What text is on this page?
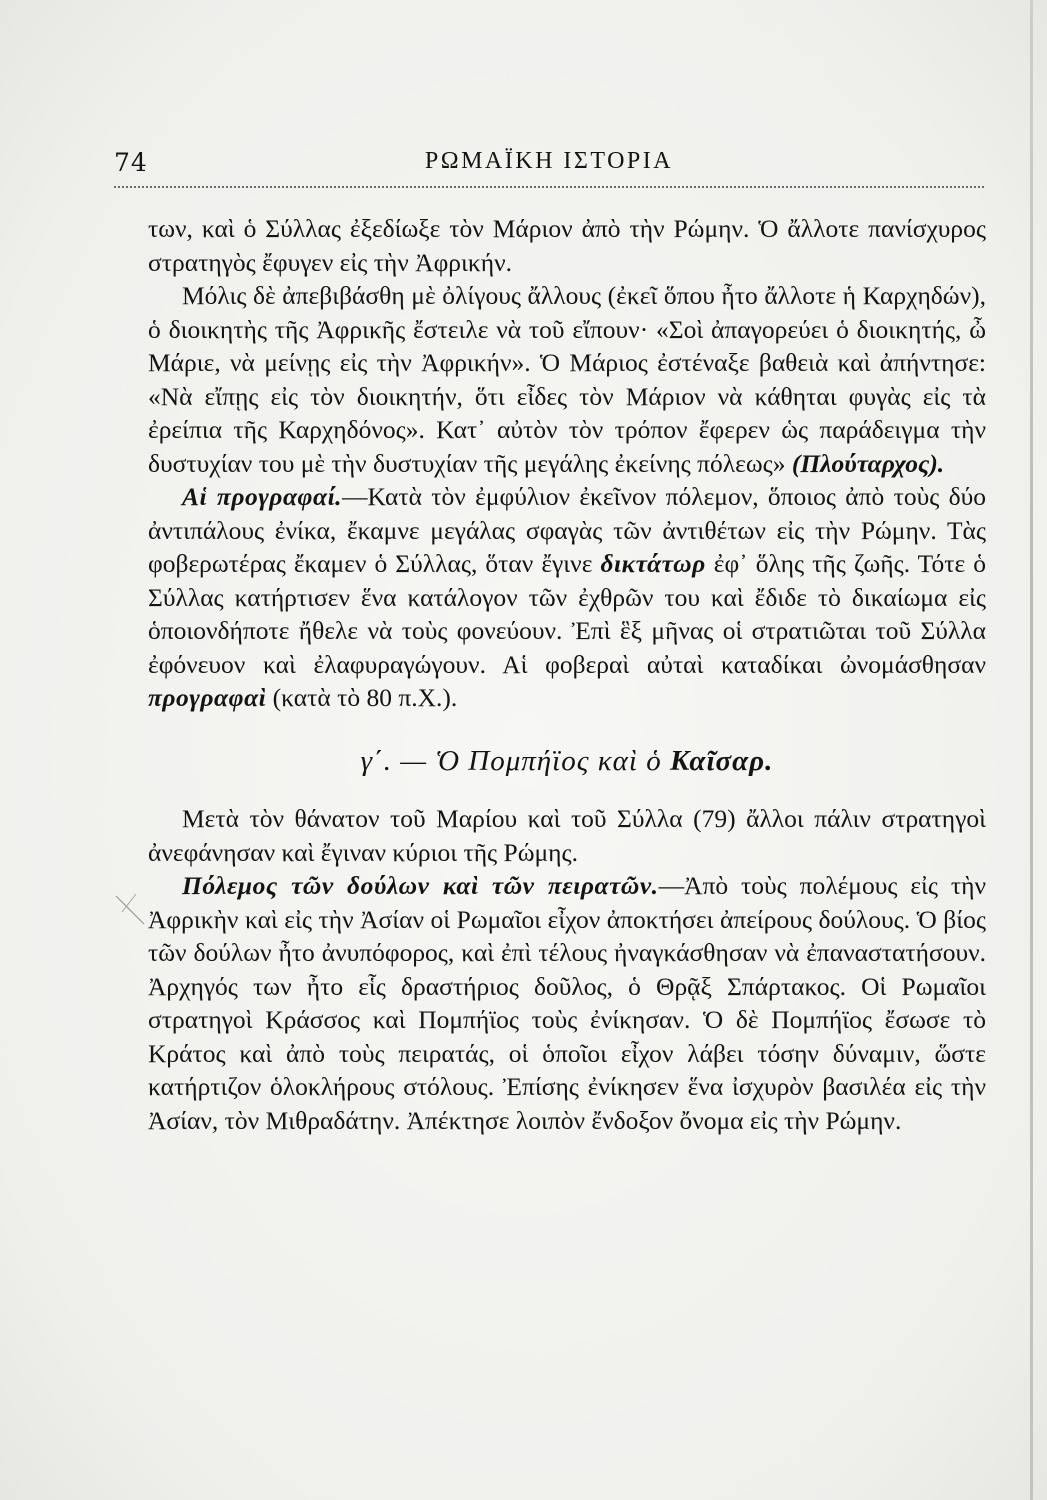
74	ΡΩΜΑΪΚΗ ΙΣΤΟΡΙΑ

των, καὶ ὁ Σύλλας ἐξεδίωξε τὸν Μάριον ἀπὸ τὴν Ρώμην. Ὁ ἄλλοτε πανίσχυρος στρατηγὸς ἔφυγεν εἰς τὴν Ἀφρικήν.

Μόλις δὲ ἀπεβιβάσθη μὲ ὀλίγους ἄλλους (ἐκεῖ ὅπου ἦτο ἄλλοτε ἡ Καρχηδών), ὁ διοικητὴς τῆς Ἀφρικῆς ἔστειλε νὰ τοῦ εἴπουν· «Σοὶ ἀπαγορεύει ὁ διοικητής, ὦ Μάριε, νὰ μείνῃς εἰς τὴν Ἀφρικήν». Ὁ Μάριος ἐστέναξε βαθειὰ καὶ ἀπήντησε: «Νὰ εἴπῃς εἰς τὸν διοικητήν, ὅτι εἶδες τὸν Μάριον νὰ κάθηται φυγὰς εἰς τὰ ἐρείπια τῆς Καρχηδόνος». Κατ᾽ αὐτὸν τὸν τρόπον ἔφερεν ὡς παράδειγμα τὴν δυστυχίαν του μὲ τὴν δυστυχίαν τῆς μεγάλης ἐκείνης πόλεως» (Πλούταρχος).

Αἱ προγραφαί.—Κατὰ τὸν ἐμφύλιον ἐκεῖνον πόλεμον, ὅποιος ἀπὸ τοὺς δύο ἀντιπάλους ἐνίκα, ἔκαμνε μεγάλας σφαγὰς τῶν ἀντιθέτων εἰς τὴν Ρώμην. Τὰς φοβερωτέρας ἔκαμεν ὁ Σύλλας, ὅταν ἔγινε δικτάτωρ ἐφ᾽ ὅλης τῆς ζωῆς. Τότε ὁ Σύλλας κατήρτισεν ἕνα κατάλογον τῶν ἐχθρῶν του καὶ ἔδιδε τὸ δικαίωμα εἰς ὁποιονδήποτε ἤθελε νὰ τοὺς φονεύουν. Ἐπὶ ἓξ μῆνας οἱ στρατιῶται τοῦ Σύλλα ἐφόνευον καὶ ἐλαφυραγώγουν. Αἱ φοβεραὶ αὐταὶ καταδίκαι ὠνομάσθησαν προγραφαὶ (κατὰ τὸ 80 π.Χ.).

γ΄. — Ὁ Πομπήϊος καὶ ὁ Καῖσαρ.

Μετὰ τὸν θάνατον τοῦ Μαρίου καὶ τοῦ Σύλλα (79) ἄλλοι πάλιν στρατηγοὶ ἀνεφάνησαν καὶ ἔγιναν κύριοι τῆς Ρώμης.

Πόλεμος τῶν δούλων καὶ τῶν πειρατῶν.—Ἀπὸ τοὺς πολέμους εἰς τὴν Ἀφρικὴν καὶ εἰς τὴν Ἀσίαν οἱ Ρωμαῖοι εἶχον ἀποκτήσει ἀπείρους δούλους. Ὁ βίος τῶν δούλων ἦτο ἀνυπόφορος, καὶ ἐπὶ τέλους ἠναγκάσθησαν νὰ ἐπαναστατήσουν. Ἀρχηγός των ἦτο εἷς δραστήριος δοῦλος, ὁ Θρᾷξ Σπάρτακος. Οἱ Ρωμαῖοι στρατηγοὶ Κράσσος καὶ Πομπήϊος τοὺς ἐνίκησαν. Ὁ δὲ Πομπήϊος ἔσωσε τὸ Κράτος καὶ ἀπὸ τοὺς πειρατάς, οἱ ὁποῖοι εἶχον λάβει τόσην δύναμιν, ὥστε κατήρτιζον ὁλοκλήρους στόλους. Ἐπίσης ἐνίκησεν ἕνα ἰσχυρὸν βασιλέα εἰς τὴν Ἀσίαν, τὸν Μιθραδάτην. Ἀπέκτησε λοιπὸν ἔνδοξον ὄνομα εἰς τὴν Ρώμην.
